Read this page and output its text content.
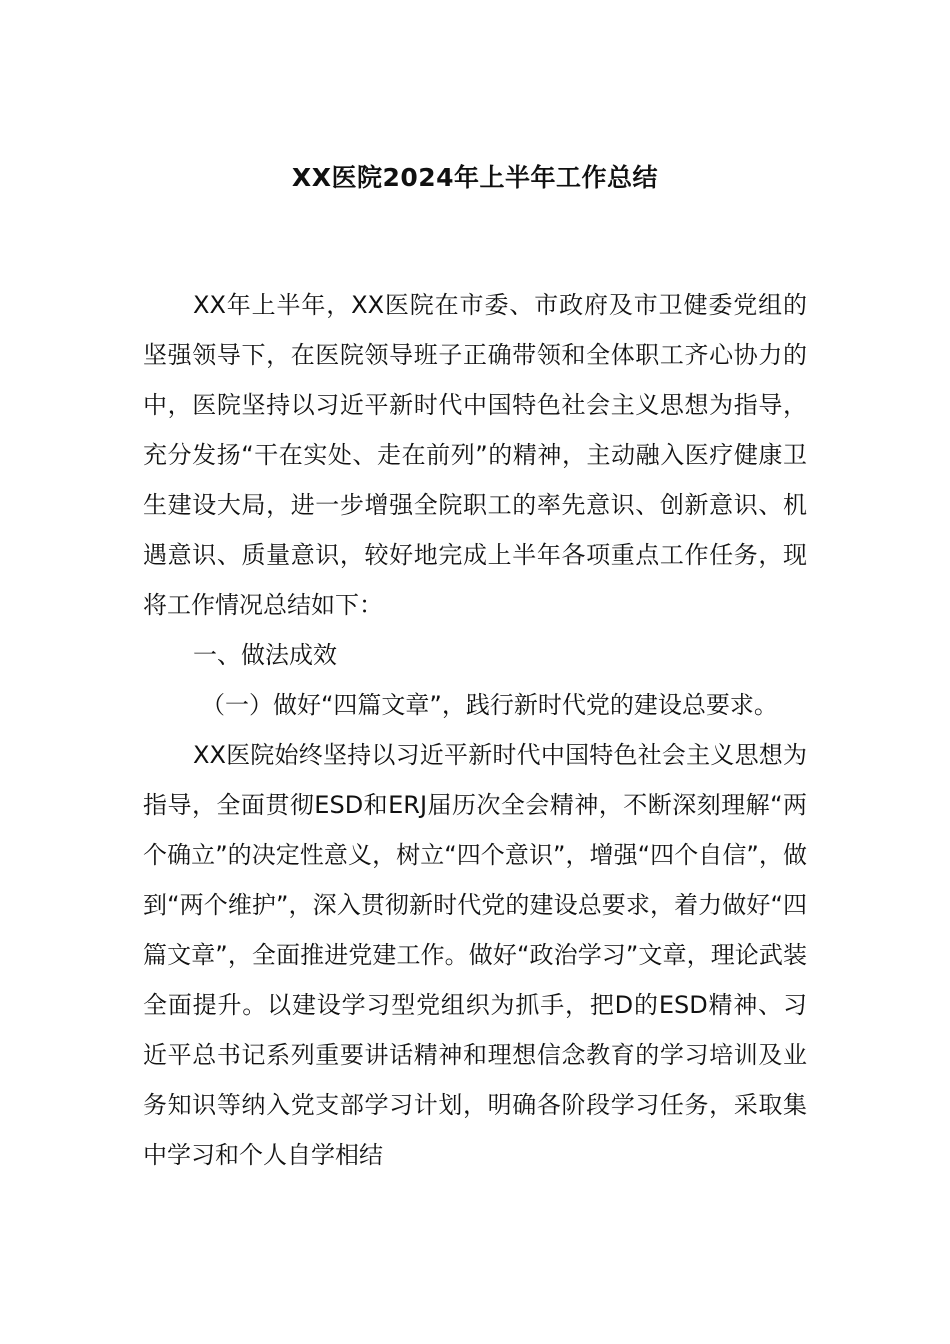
XX医院2024年上半年工作总结

XX年上半年，XX医院在市委、市政府及市卫健委党组的坚强领导下，在医院领导班子正确带领和全体职工齐心协力的中，医院坚持以习近平新时代中国特色社会主义思想为指导，充分发扬“干在实处、走在前列”的精神，主动融入医疗健康卫生建设大局，进一步增强全院职工的率先意识、创新意识、机遇意识、质量意识，较好地完成上半年各项重点工作任务，现将工作情况总结如下：

一、做法成效

（一）做好“四篇文章”，践行新时代党的建设总要求。

XX医院始终坚持以习近平新时代中国特色社会主义思想为指导，全面贯彻ESD和ERJ届历次全会精神，不断深刻理解“两个确立”的决定性意义，树立“四个意识”，增强“四个自信”，做到“两个维护”，深入贯彻新时代党的建设总要求，着力做好“四篇文章”，全面推进党建工作。做好“政治学习”文章，理论武装全面提升。以建设学习型党组织为抓手，把D的ESD精神、习近平总书记系列重要讲话精神和理想信念教育的学习培训及业务知识等纳入党支部学习计划，明确各阶段学习任务，采取集中学习和个人自学相结
